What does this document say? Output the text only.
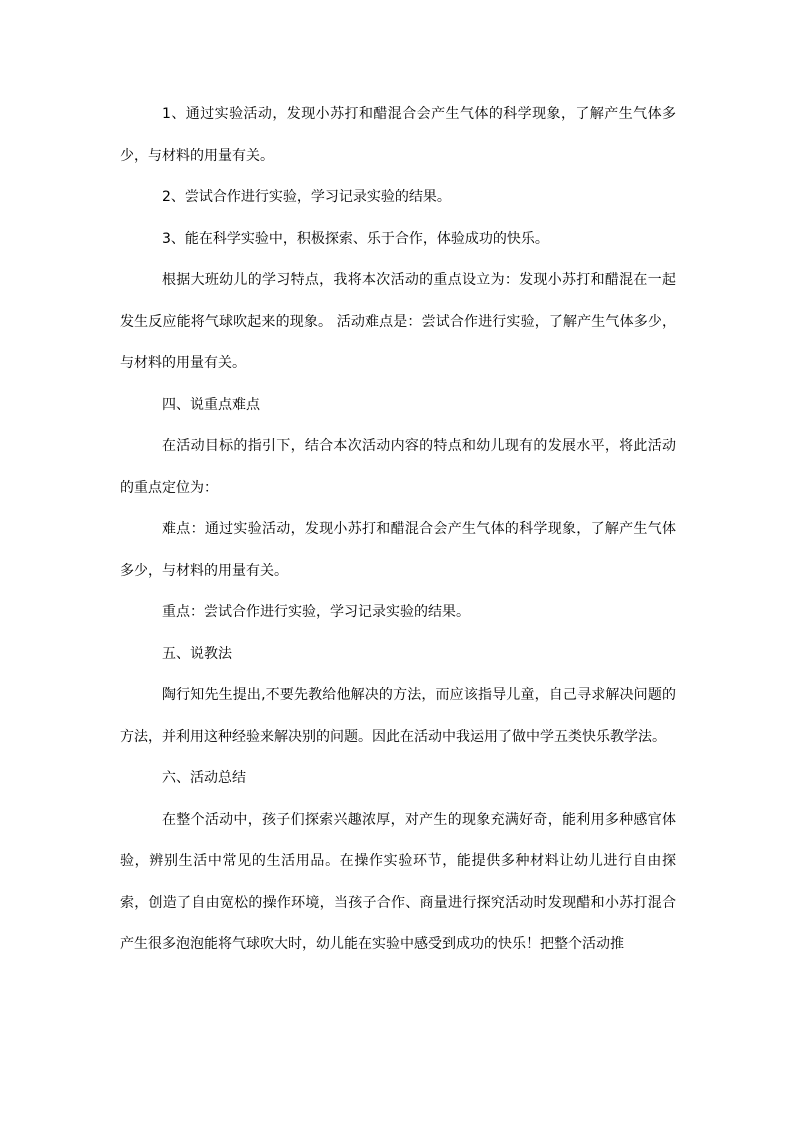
1、通过实验活动，发现小苏打和醋混合会产生气体的科学现象，了解产生气体多少，与材料的用量有关。

2、尝试合作进行实验，学习记录实验的结果。

3、能在科学实验中，积极探索、乐于合作，体验成功的快乐。

根据大班幼儿的学习特点，我将本次活动的重点设立为：发现小苏打和醋混在一起发生反应能将气球吹起来的现象。 活动难点是：尝试合作进行实验，了解产生气体多少，与材料的用量有关。

四、说重点难点

在活动目标的指引下，结合本次活动内容的特点和幼儿现有的发展水平，将此活动的重点定位为：

难点：通过实验活动，发现小苏打和醋混合会产生气体的科学现象，了解产生气体多少，与材料的用量有关。

重点：尝试合作进行实验，学习记录实验的结果。

五、说教法

陶行知先生提出,不要先教给他解决的方法，而应该指导儿童，自己寻求解决问题的方法，并利用这种经验来解决别的问题。因此在活动中我运用了做中学五类快乐教学法。

六、活动总结

在整个活动中，孩子们探索兴趣浓厚，对产生的现象充满好奇，能利用多种感官体验，辨别生活中常见的生活用品。在操作实验环节，能提供多种材料让幼儿进行自由探索，创造了自由宽松的操作环境，当孩子合作、商量进行探究活动时发现醋和小苏打混合产生很多泡泡能将气球吹大时，幼儿能在实验中感受到成功的快乐！把整个活动推
